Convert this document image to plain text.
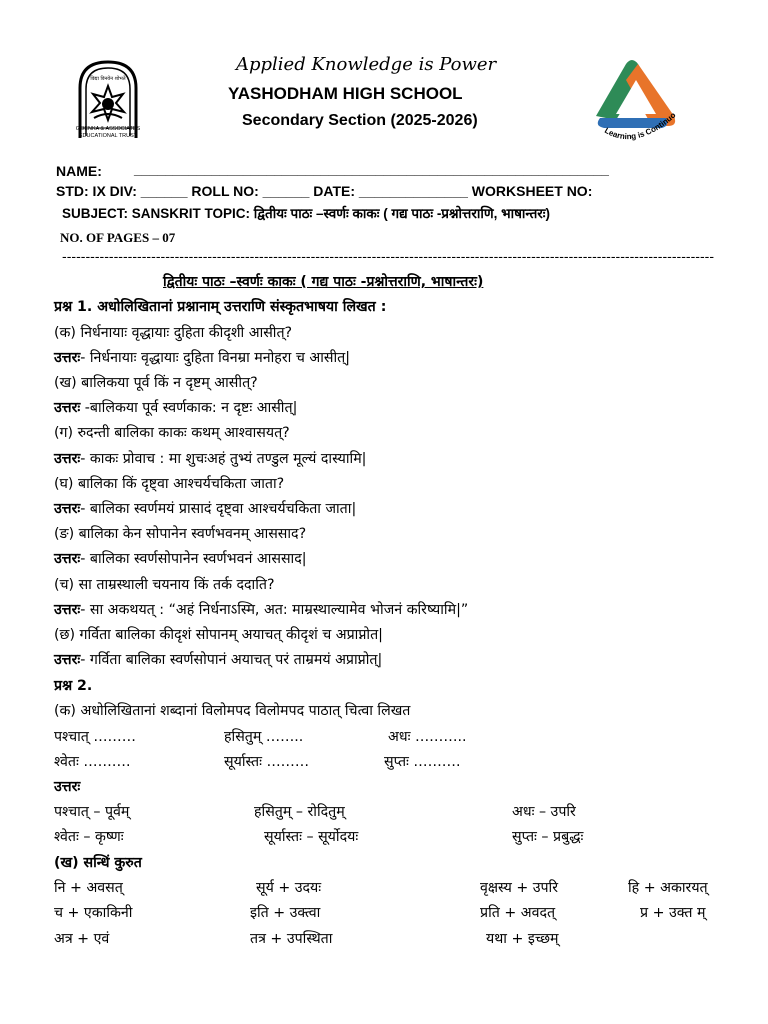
विद्या विनयेन शोभते
GOENKA & ASSOCIATES
EDUCATIONAL TRUST
Applied Knowledge is Power
YASHODHAM HIGH SCHOOL
Secondary Section (2025-2026)
Learning is Continuo
NAME: _____________________________________________________________
STD: IX DIV: ______ ROLL NO: ______ DATE: ______________ WORKSHEET NO:
SUBJECT: SANSKRIT TOPIC: द्वितीयः पाठः –स्वर्णः काकः ( गद्य पाठः -प्रश्नोत्तराणि, भाषान्तरः)
NO. OF PAGES – 07
-------------------------------------------------------------------------------------------------------------------------------------------
द्वितीयः पाठः –स्वर्णः काकः ( गद्य पाठः -प्रश्नोत्तराणि, भाषान्तरः)
प्रश्न 1. अधोलिखितानां प्रश्नानाम् उत्तराणि संस्कृतभाषया लिखत :
(क) निर्धनायाः वृद्धायाः दुहिता कीदृशी आसीत्?
उत्तरः- निर्धनायाः वृद्धायाः दुहिता विनम्रा मनोहरा च आसीत्|
(ख) बालिकया पूर्व किं न दृष्टम् आसीत्?
उत्तरः -बालिकया पूर्व स्वर्णकाक: न दृष्टः आसीत्|
(ग) रुदन्ती बालिका काकः कथम् आश्वासयत्?
उत्तरः- काकः प्रोवाच : मा शुचःअहं तुभ्यं तण्डुल मूल्यं दास्यामि|
(घ) बालिका किं दृष्ट्वा आश्चर्यचकिता जाता?
उत्तरः- बालिका स्वर्णमयं प्रासादं दृष्ट्वा आश्चर्यचकिता जाता|
(ङ) बालिका केन सोपानेन स्वर्णभवनम् आससाद?
उत्तरः- बालिका स्वर्णसोपानेन स्वर्णभवनं आससाद|
(च) सा ताम्रस्थाली चयनाय किं तर्क ददाति?
उत्तरः- सा अकथयत् : “अहं निर्धनाऽस्मि, अत: माम्रस्थाल्यामेव भोजनं करिष्यामि|”
(छ) गर्विता बालिका कीदृशं सोपानम् अयाचत् कीदृशं च अप्राप्नोत|
उत्तरः- गर्विता बालिका स्वर्णसोपानं अयाचत् परं ताम्रमयं अप्राप्नोत्|
प्रश्न 2.
(क) अधोलिखितानां शब्दानां विलोमपद विलोमपद पाठात् चित्वा लिखत
पश्चात् ………	हसितुम् ……..	अधः ………..
श्वेतः ……….	सूर्यास्तः ………	सुप्तः ……….
उत्तरः
पश्चात् – पूर्वम्	हसितुम् – रोदितुम्	अधः – उपरि
श्वेतः – कृष्णः	सूर्यास्तः – सूर्योदयः	सुप्तः – प्रबुद्धः
(ख) सन्धिं कुरुत
नि + अवसत्	सूर्य + उदयः	वृक्षस्य + उपरि	हि + अकारयत्
च + एकाकिनी	इति + उक्त्वा	प्रति + अवदत्	प्र + उक्त म्
अत्र + एवं	तत्र + उपस्थिता	यथा + इच्छम्
